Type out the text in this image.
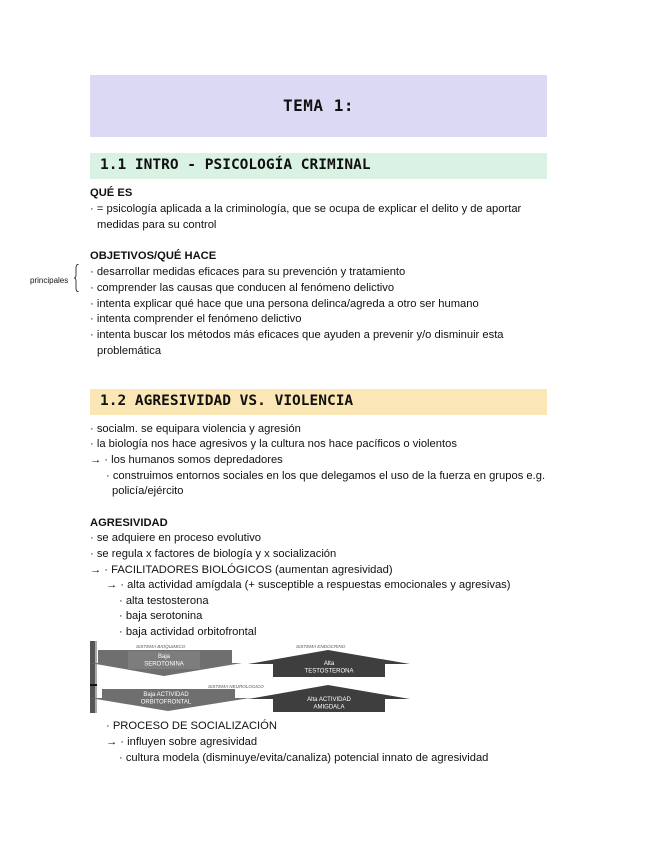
TEMA 1:
1.1 INTRO - PSICOLOGÍA CRIMINAL
QUÉ ES
· = psicología aplicada a la criminología, que se ocupa de explicar el delito y de aportar
medidas para su control
OBJETIVOS/QUÉ HACE
principales
· desarrollar medidas eficaces para su prevención y tratamiento
· comprender las causas que conducen al fenómeno delictivo
· intenta explicar qué hace que una persona delinca/agreda a otro ser humano
· intenta comprender el fenómeno delictivo
· intenta buscar los métodos más eficaces que ayuden a prevenir y/o disminuir esta
problemática
1.2 AGRESIVIDAD VS. VIOLENCIA
· socialm. se equipara violencia y agresión
· la biología nos hace agresivos y la cultura nos hace pacíficos o violentos
→ · los humanos somos depredadores
· construimos entornos sociales en los que delegamos el uso de la fuerza en grupos e.g.
policía/ejército
AGRESIVIDAD
· se adquiere en proceso evolutivo
· se regula x factores de biología y x socialización
→ · FACILITADORES BIOLÓGICOS (aumentan agresividad)
→ · alta actividad amígdala (+ susceptible a respuestas emocionales y agresivas)
· alta testosterona
· baja serotonina
· baja actividad orbitofrontal
SISTEMA BIOQUIMICO	SISTEMA ENDOCRINO
SISTEMA NEUROLOGICO
Baja
SEROTONINA	Alta
TESTOSTERONA
Baja ACTIVIDAD
ORBITOFRONTAL	Alta ACTIVIDAD
AMIGDALA
· PROCESO DE SOCIALIZACIÓN
→ · influyen sobre agresividad
· cultura modela (disminuye/evita/canaliza) potencial innato de agresividad
